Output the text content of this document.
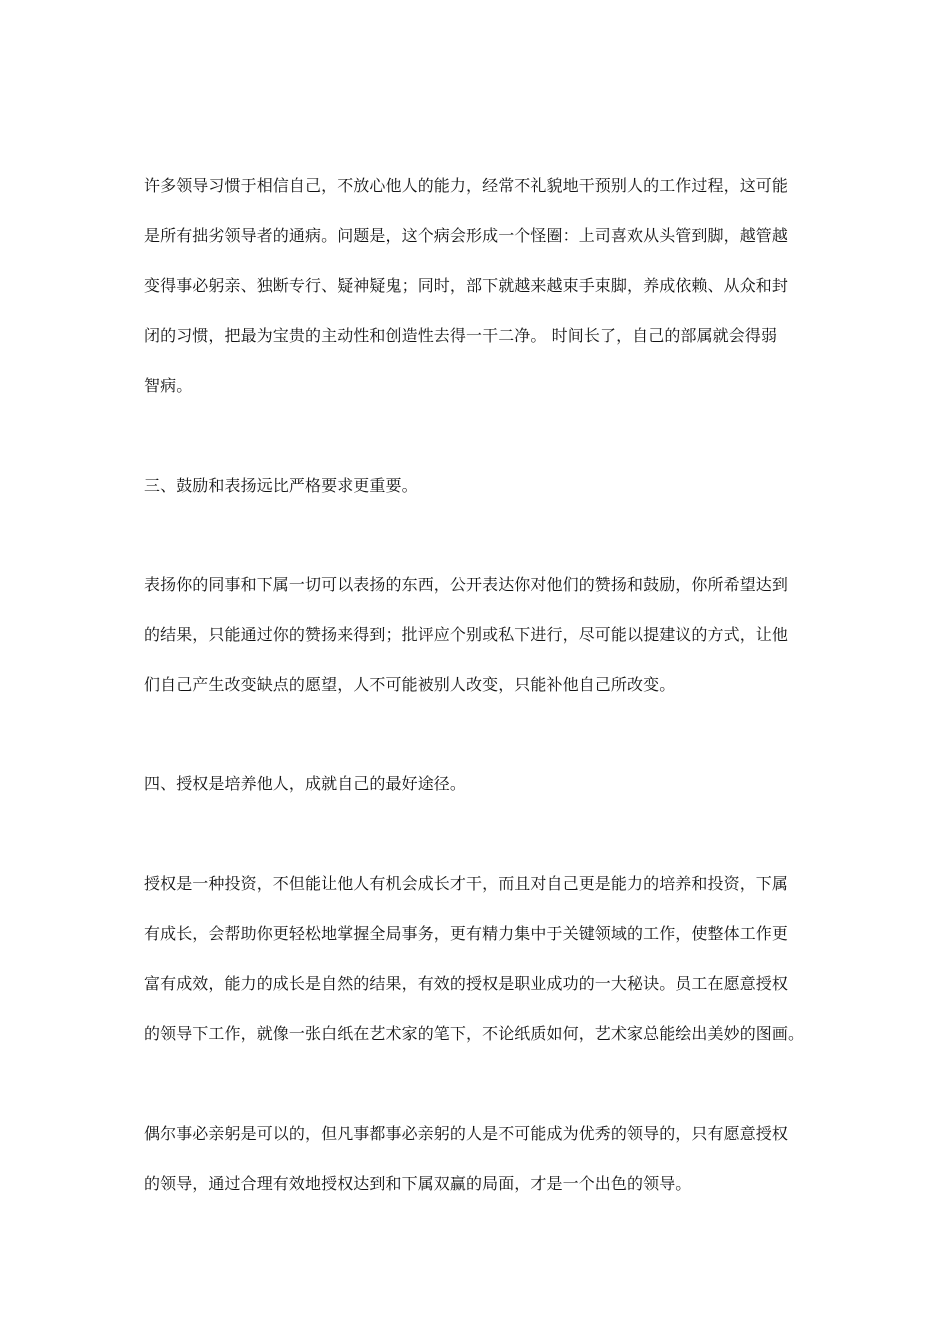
许多领导习惯于相信自己，不放心他人的能力，经常不礼貌地干预别人的工作过程，这可能
是所有拙劣领导者的通病。问题是，这个病会形成一个怪圈：上司喜欢从头管到脚，越管越
变得事必躬亲、独断专行、疑神疑鬼；同时，部下就越来越束手束脚，养成依赖、从众和封
闭的习惯，把最为宝贵的主动性和创造性去得一干二净。 时间长了，自己的部属就会得弱
智病。
三、鼓励和表扬远比严格要求更重要。
表扬你的同事和下属一切可以表扬的东西，公开表达你对他们的赞扬和鼓励，你所希望达到
的结果，只能通过你的赞扬来得到；批评应个别或私下进行，尽可能以提建议的方式，让他
们自己产生改变缺点的愿望，人不可能被别人改变，只能补他自己所改变。
四、授权是培养他人，成就自己的最好途径。
授权是一种投资，不但能让他人有机会成长才干，而且对自己更是能力的培养和投资，下属
有成长，会帮助你更轻松地掌握全局事务，更有精力集中于关键领域的工作，使整体工作更
富有成效，能力的成长是自然的结果，有效的授权是职业成功的一大秘诀。员工在愿意授权
的领导下工作，就像一张白纸在艺术家的笔下，不论纸质如何，艺术家总能绘出美妙的图画。
偶尔事必亲躬是可以的，但凡事都事必亲躬的人是不可能成为优秀的领导的，只有愿意授权
的领导，通过合理有效地授权达到和下属双赢的局面，才是一个出色的领导。
